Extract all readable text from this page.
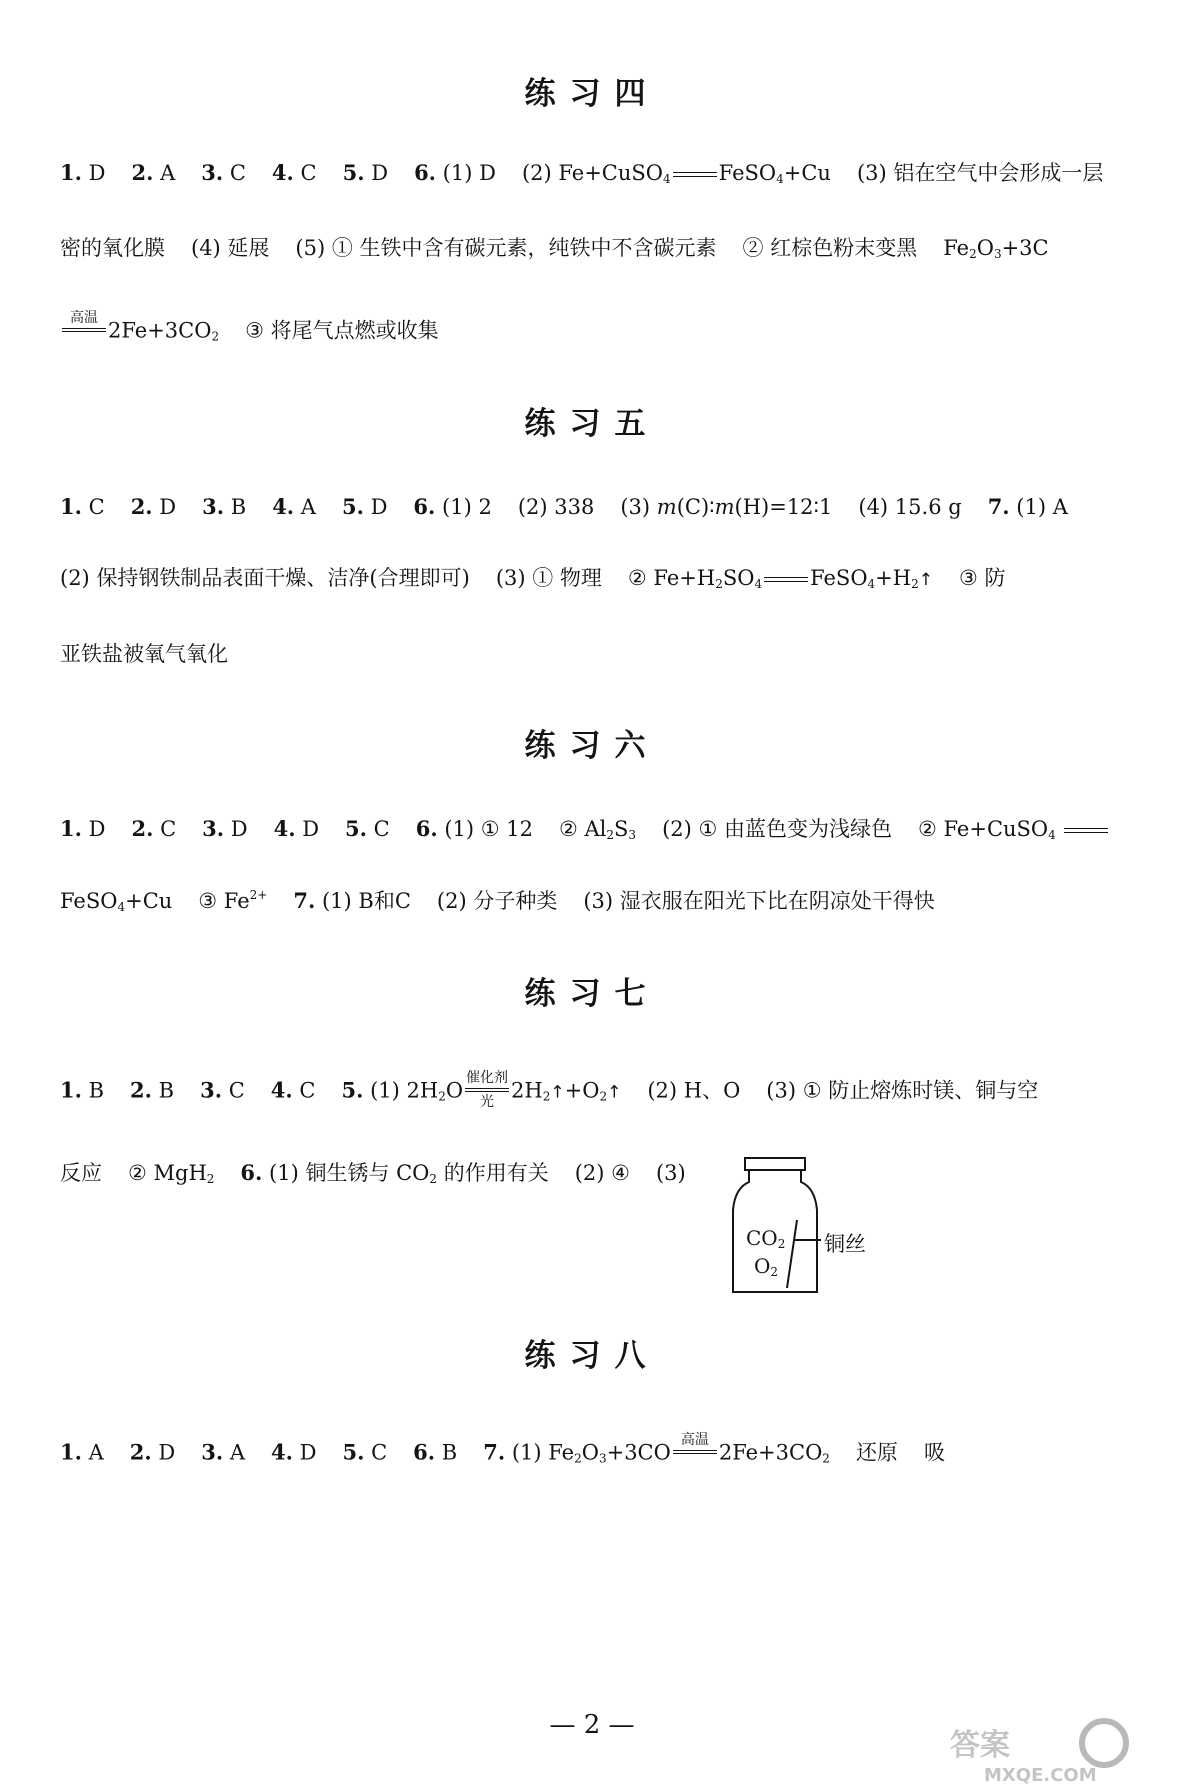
练习四
1. D 2. A 3. C 4. C 5. D 6. (1) D (2) Fe+CuSO$_4$ FeSO$_4$+Cu (3) 铝在空气中会形成一层
密的氧化膜 (4) 延展 (5) ① 生铁中含有碳元素，纯铁中不含碳元素 ② 红棕色粉末变黑 $Fe_2O_3+3C$
高温

$2Fe+3CO_2$ ③ 将尾气点燃或收集
练习五
1. C 2. D 3. B 4. A 5. D 6. (1) 2 (2) 338 (3) m(C)∶m(H)=12∶1 (4) 15.6 g 7. (1) A
(2) 保持钢铁制品表面干燥、洁净(合理即可) (3) ① 物理 ② $Fe+H_2SO_4$ $FeSO_4+H_2↑$ ③ 防
亚铁盐被氧气氧化
练习六
1. D 2. C 3. D 4. D 5. C 6. (1) ① 12 ② $Al_2S_3$ (2) ① 由蓝色变为浅绿色 ② Fe+CuSO$_4$
FeSO$_4$+Cu ③ $Fe^{2+}$ 7. (1) B和C (2) 分子种类 (3) 湿衣服在阳光下比在阴凉处干得快
练习七
1. B 2. B 3. C 4. C 5. (1) $2H_2O$
催化剂
光 $2H_2↑+O_2↑$ (2) H、O (3) ① 防止熔炼时镁、铜与空
反应 ② MgH$_2$ 6. (1) 铜生锈与 $CO_2$ 的作用有关 (2) ④ (3)
$CO_2$
$O_2$
铜丝
练习八
1. A 2. D 3. A 4. D 5. C 6. B 7. (1) $Fe_2O_3+3CO$
高温

$2Fe+3CO_2$ 还原 吸
— 2 —
答案
MXQE.COM
